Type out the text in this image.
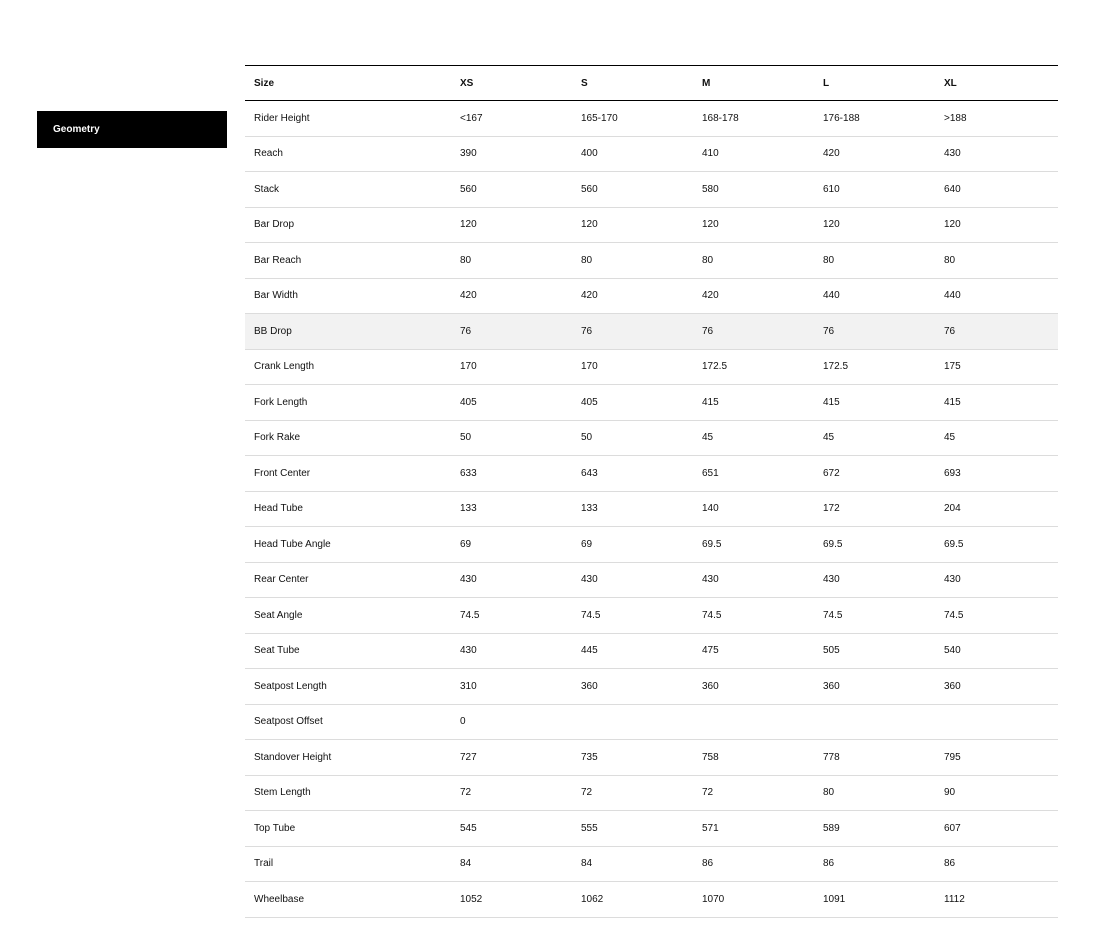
Geometry
Size	XS	S	M	L	XL
Rider Height	<167	165-170	168-178	176-188	>188
Reach	390	400	410	420	430
Stack	560	560	580	610	640
Bar Drop	120	120	120	120	120
Bar Reach	80	80	80	80	80
Bar Width	420	420	420	440	440
BB Drop	76	76	76	76	76
Crank Length	170	170	172.5	172.5	175
Fork Length	405	405	415	415	415
Fork Rake	50	50	45	45	45
Front Center	633	643	651	672	693
Head Tube	133	133	140	172	204
Head Tube Angle	69	69	69.5	69.5	69.5
Rear Center	430	430	430	430	430
Seat Angle	74.5	74.5	74.5	74.5	74.5
Seat Tube	430	445	475	505	540
Seatpost Length	310	360	360	360	360
Seatpost Offset	0				
Standover Height	727	735	758	778	795
Stem Length	72	72	72	80	90
Top Tube	545	555	571	589	607
Trail	84	84	86	86	86
Wheelbase	1052	1062	1070	1091	1112
